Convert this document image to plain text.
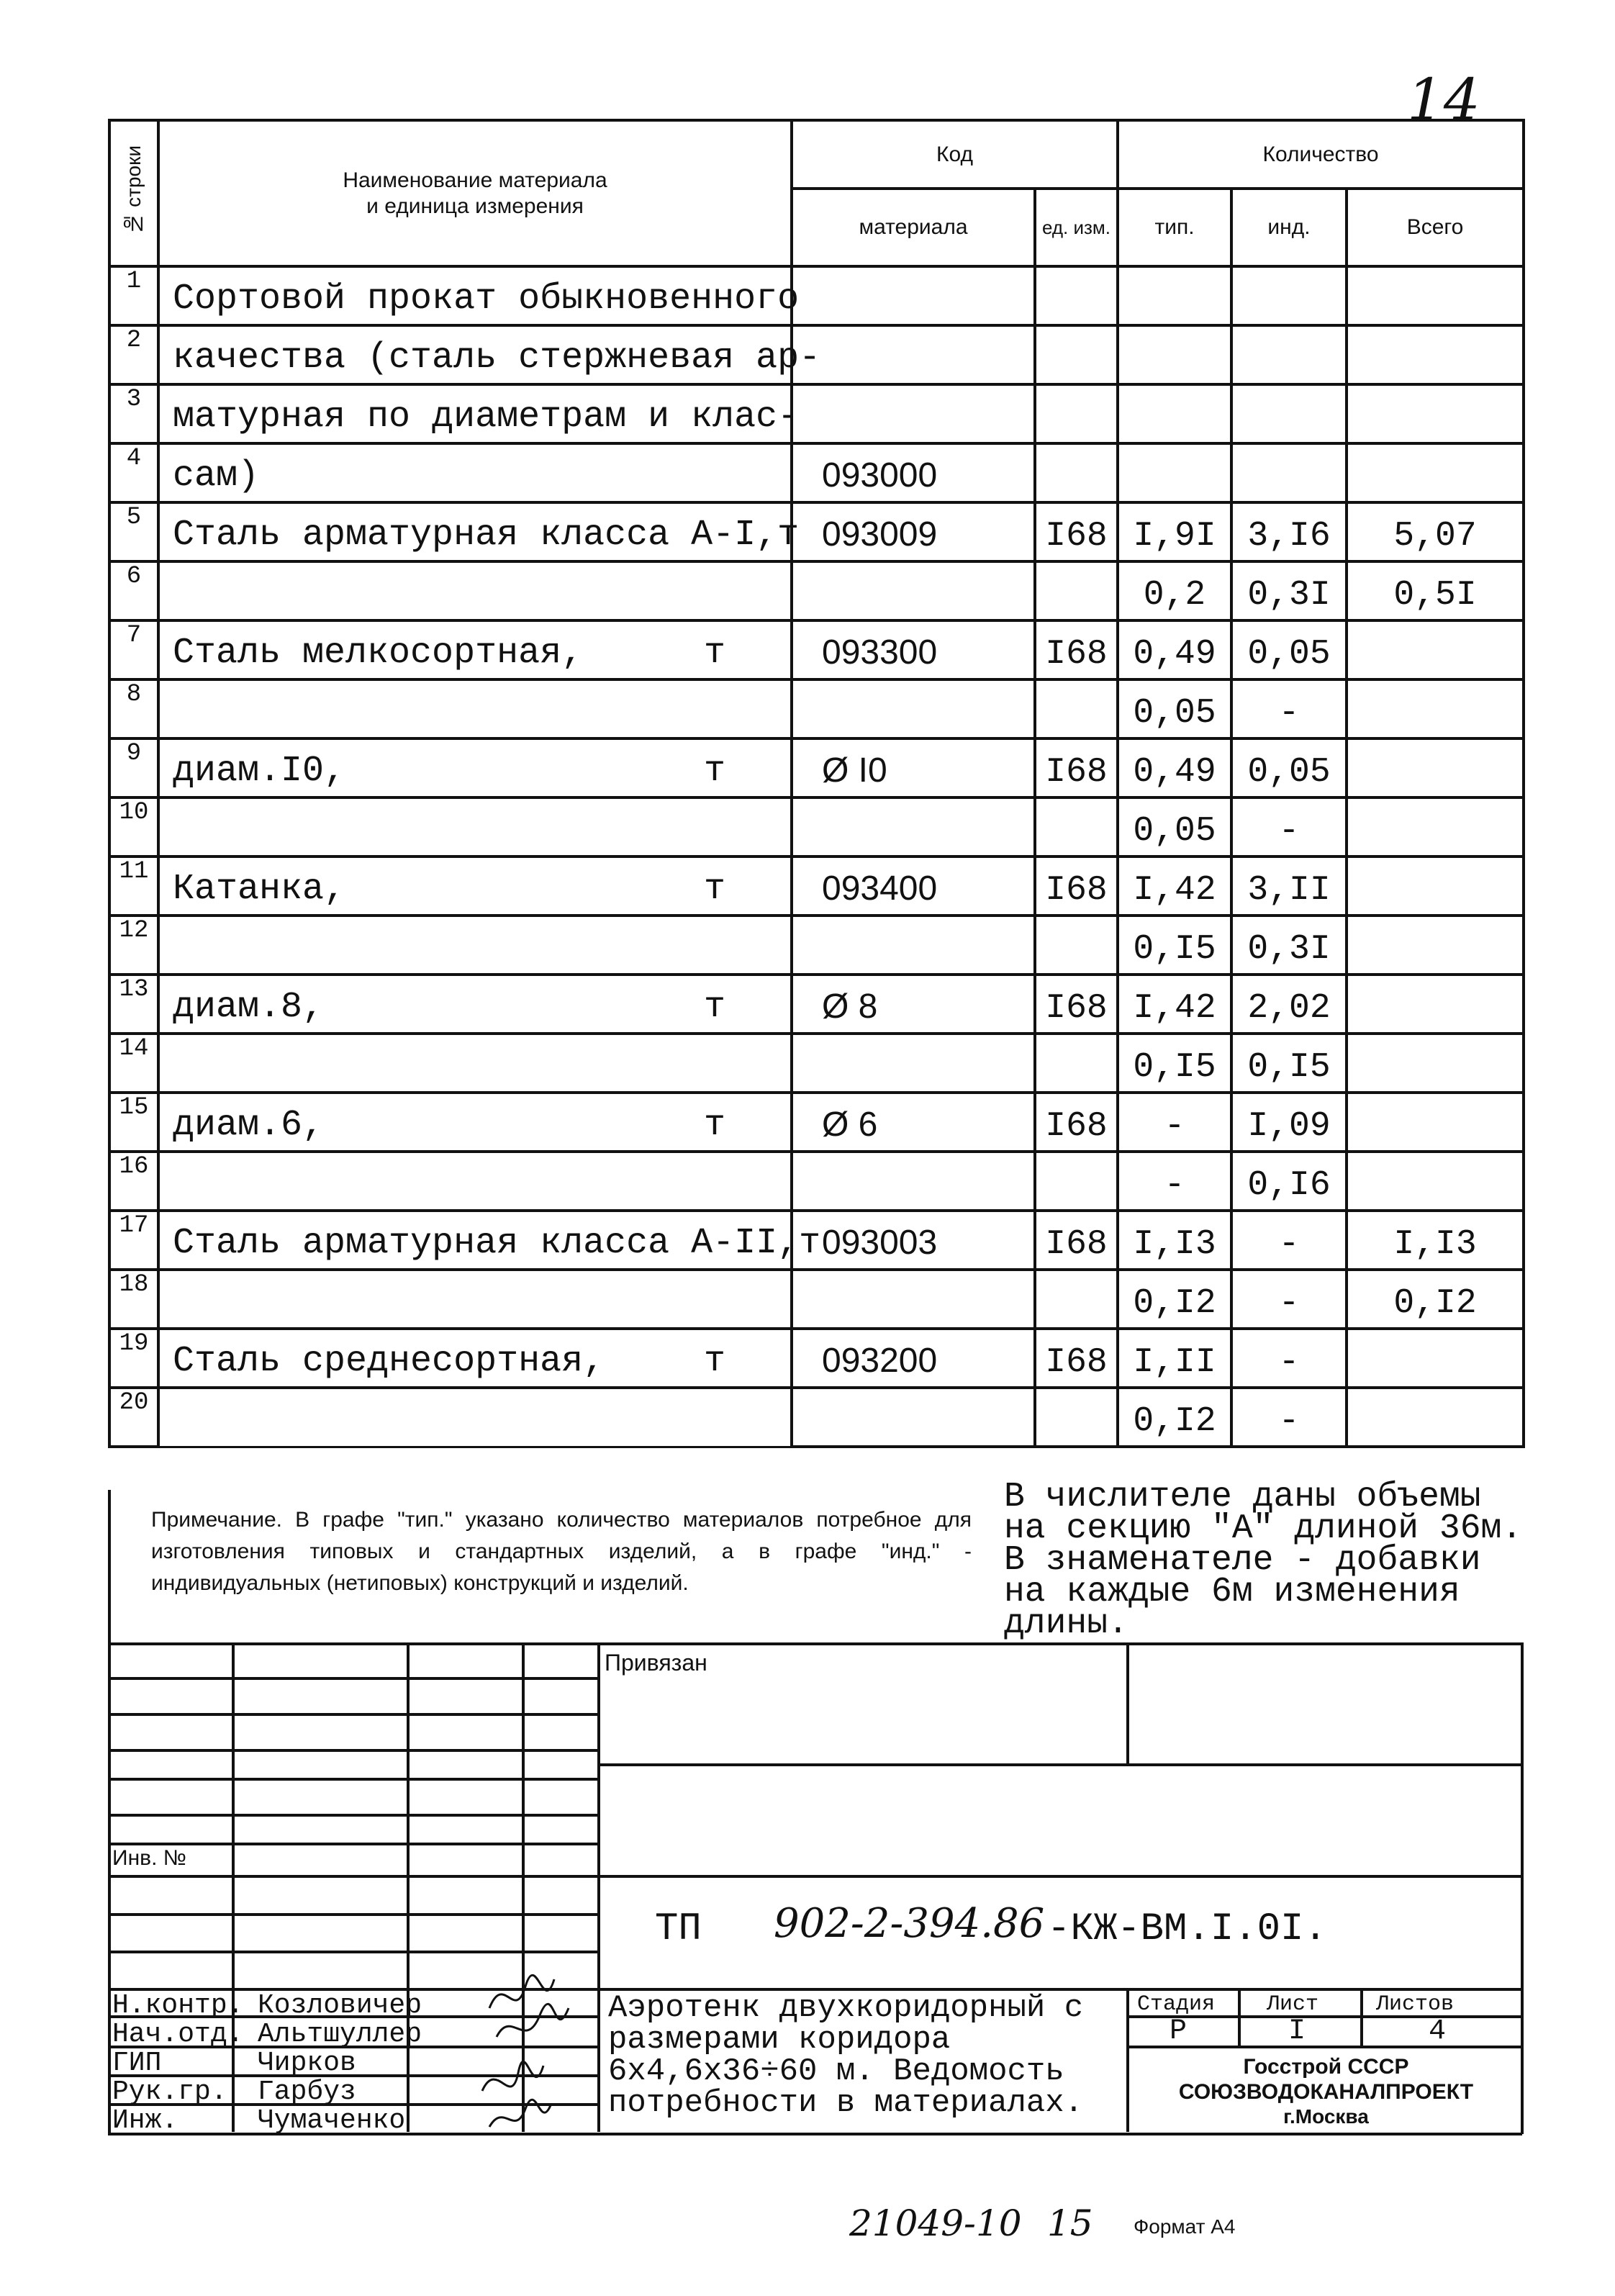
14
№ строки	Наименование материала
и единица измерения	Код		Количество		
		материала	ед. изм.	тип.	инд.	Всего
1	Сортовой прокат обыкновенного					

2	качества (сталь стержневая ар-					

3	матурная по диаметрам и клас-					

4	сам)	093000				

5	Сталь арматурная класса А-I,т	093009	I68	I,9I	3,I6	5,07

6				0,2	0,3I	0,5I

7	Сталь мелкосортная, т	093300	I68	0,49	0,05	

8				0,05	-	

9	диам.I0, т	Ø I0	I68	0,49	0,05	

10				0,05	-	

11	Катанка, т	093400	I68	I,42	3,II	

12				0,I5	0,3I	

13	диам.8, т	Ø 8	I68	I,42	2,02	

14				0,I5	0,I5	

15	диам.6, т	Ø 6	I68	-	I,09	

16				-	0,I6	

17	Сталь арматурная класса А-II,т	093003	I68	I,I3	-	I,I3

18				0,I2	-	0,I2

19	Сталь среднесортная, т	093200	I68	I,II	-	

20				0,I2	-	

Примечание. В графе "тип." указано количество материалов потребное для изготовления типовых и стандартных изделий, а в графе "инд." - индивидуальных (нетиповых) конструкций и изделий.
В числителе даны объемы
на секцию "А" длиной 36м.
В знаменателе - добавки
на каждые 6м изменения
длины.
Привязан
Инв. №
ТП 902-2-394.86 -КЖ-ВМ.I.0I.
Аэротенк двухкоридорный с
размерами коридора
6х4,6х36÷60 м. Ведомость
потребности в материалах.
Стадия Лист	Листов
Р	I	4
Госстрой СССР
СОЮЗВОДОКАНАЛПРОЕКТ
г.Москва
Н.контр. Козловичер
Нач.отд. Альтшуллер
ГИП	Чирков
Рук.гр. Гарбуз
Инж.	Чумаченко
21049-10 15 Формат А4
